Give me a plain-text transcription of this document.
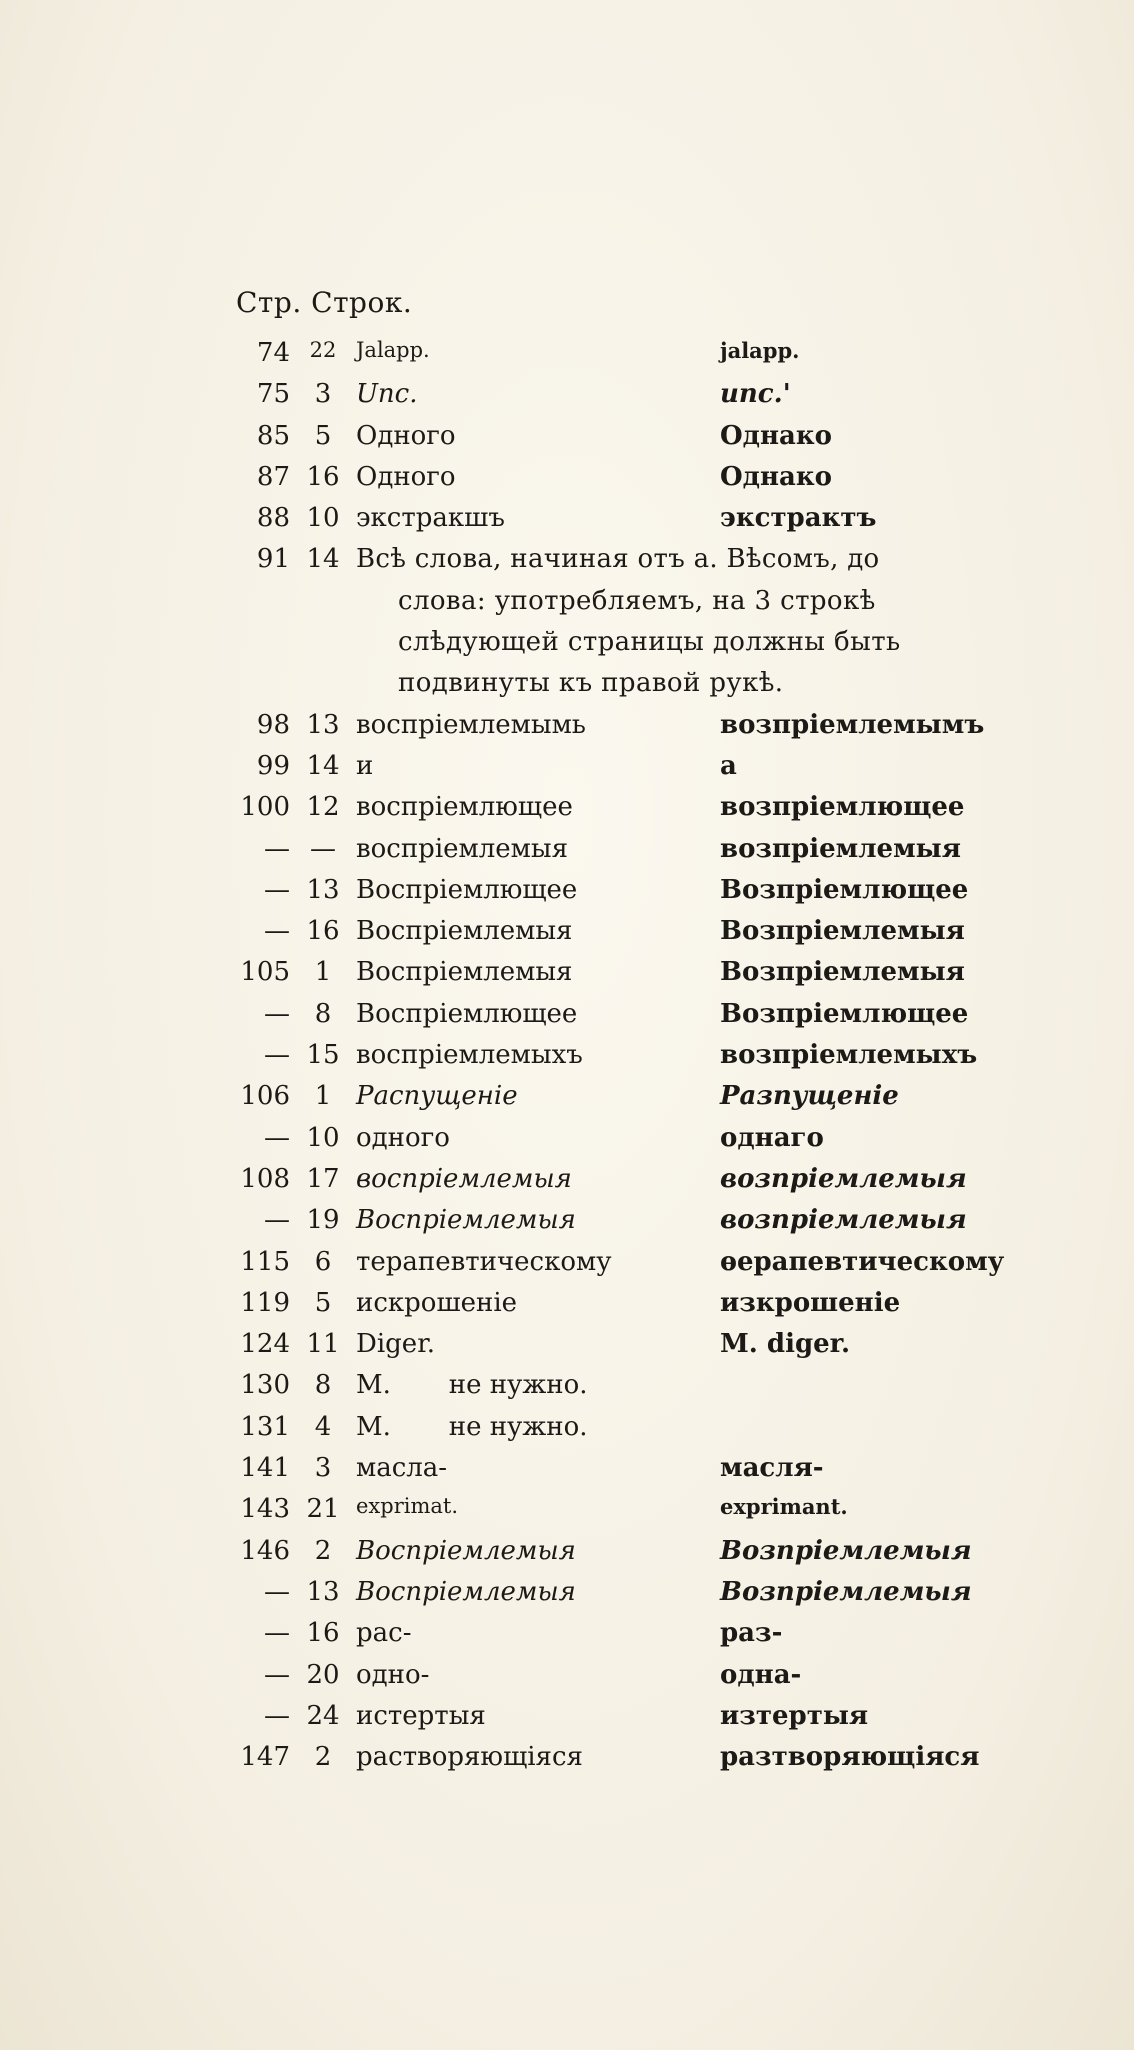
Стр. Строк.
74 22 Jalapp.	jalapp.
75 3 Unc.	unc.'
85 5 Одного	Однако
87 16 Одного	Однако
88 10 экстракшъ	экстрактъ
91 14 Всѣ слова, начиная отъ а. Вѣсомъ, до
слова: употребляемъ, на 3 строкѣ
слѣдующей страницы должны быть
подвинуты къ правой рукѣ.
98 13 воспріемлемымь	возпріемлемымъ
99 14 и	а
100 12 воспріемлющее	возпріемлющее
— — воспріемлемыя	возпріемлемыя
— 13 Воспріемлющее	Возпріемлющее
— 16 Воспріемлемыя	Возпріемлемыя
105 1 Воспріемлемыя	Возпріемлемыя
— 8 Воспріемлющее	Возпріемлющее
— 15 воспріемлемыхъ	возпріемлемыхъ
106 1 Распущеніе	Разпущеніе
— 10 одного	однаго
108 17 воспріемлемыя	возпріемлемыя
— 19 Воспріемлемыя	возпріемлемыя
115 6 терапевтическому	ѳерапевтическому
119 5 искрошеніе	изкрошеніе
124 11 Diger.	M. diger.
130 8 M.       не нужно.
131 4 M.       не нужно.
141 3 масла-	масля-
143 21 exprimat.	exprimant.
146 2 Воспріемлемыя	Возпріемлемыя
— 13 Воспріемлемыя	Возпріемлемыя
— 16 рас-	раз-
— 20 одно-	одна-
— 24 истертыя	изтертыя
147 2 растворяющіяся	разтворяющіяся
